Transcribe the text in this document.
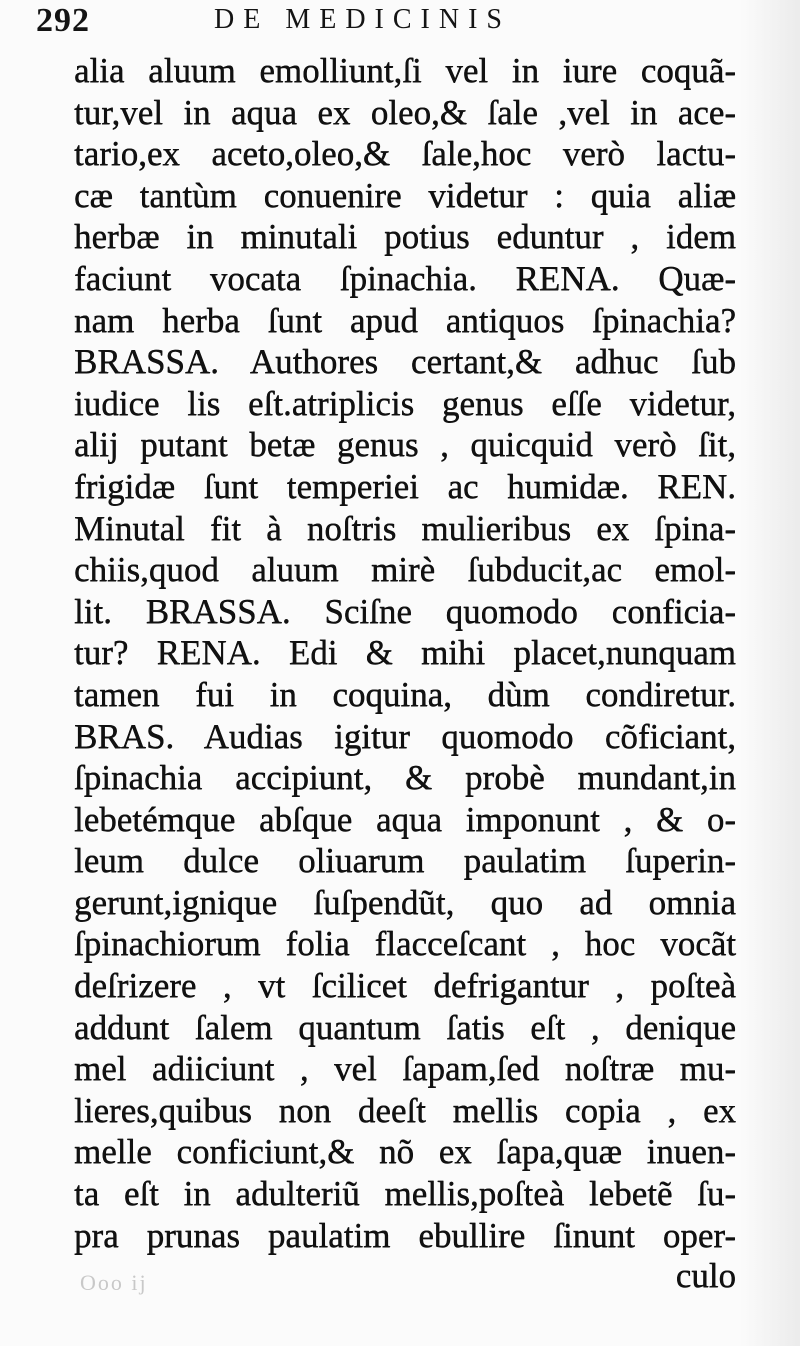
292	DE MEDICINIS
alia aluum emolliunt,ſi vel in iure coquã-
tur,vel in aqua ex oleo,& ſale ,vel in ace-
tario,ex aceto,oleo,& ſale,hoc verò lactu-
cæ tantùm conuenire videtur : quia aliæ
herbæ in minutali potius eduntur , idem
faciunt vocata ſpinachia. RENA. Quæ-
nam herba ſunt apud antiquos ſpinachia?
BRASSA. Authores certant,& adhuc ſub
iudice lis eſt.atriplicis genus eſſe videtur,
alij putant betæ genus , quicquid verò ſit,
frigidæ ſunt temperiei ac humidæ. REN.
Minutal fit à noſtris mulieribus ex ſpina-
chiis,quod aluum mirè ſubducit,ac emol-
lit. BRASSA. Sciſne quomodo conficia-
tur? RENA. Edi & mihi placet,nunquam
tamen fui in coquina, dùm condiretur.
BRAS. Audias igitur quomodo cõficiant,
ſpinachia accipiunt, & probè mundant,in
lebetémque abſque aqua imponunt , & o-
leum dulce oliuarum paulatim ſuperin-
gerunt,ignique ſuſpendũt, quo ad omnia
ſpinachiorum folia flacceſcant , hoc vocãt
deſrizere , vt ſcilicet defrigantur , poſteà
addunt ſalem quantum ſatis eſt , denique
mel adiiciunt , vel ſapam,ſed noſtræ mu-
lieres,quibus non deeſt mellis copia , ex
melle conficiunt,& nõ ex ſapa,quæ inuen-
ta eſt in adulteriũ mellis,poſteà lebetẽ ſu-
pra prunas paulatim ebullire ſinunt oper-
Ooo ij	culo
